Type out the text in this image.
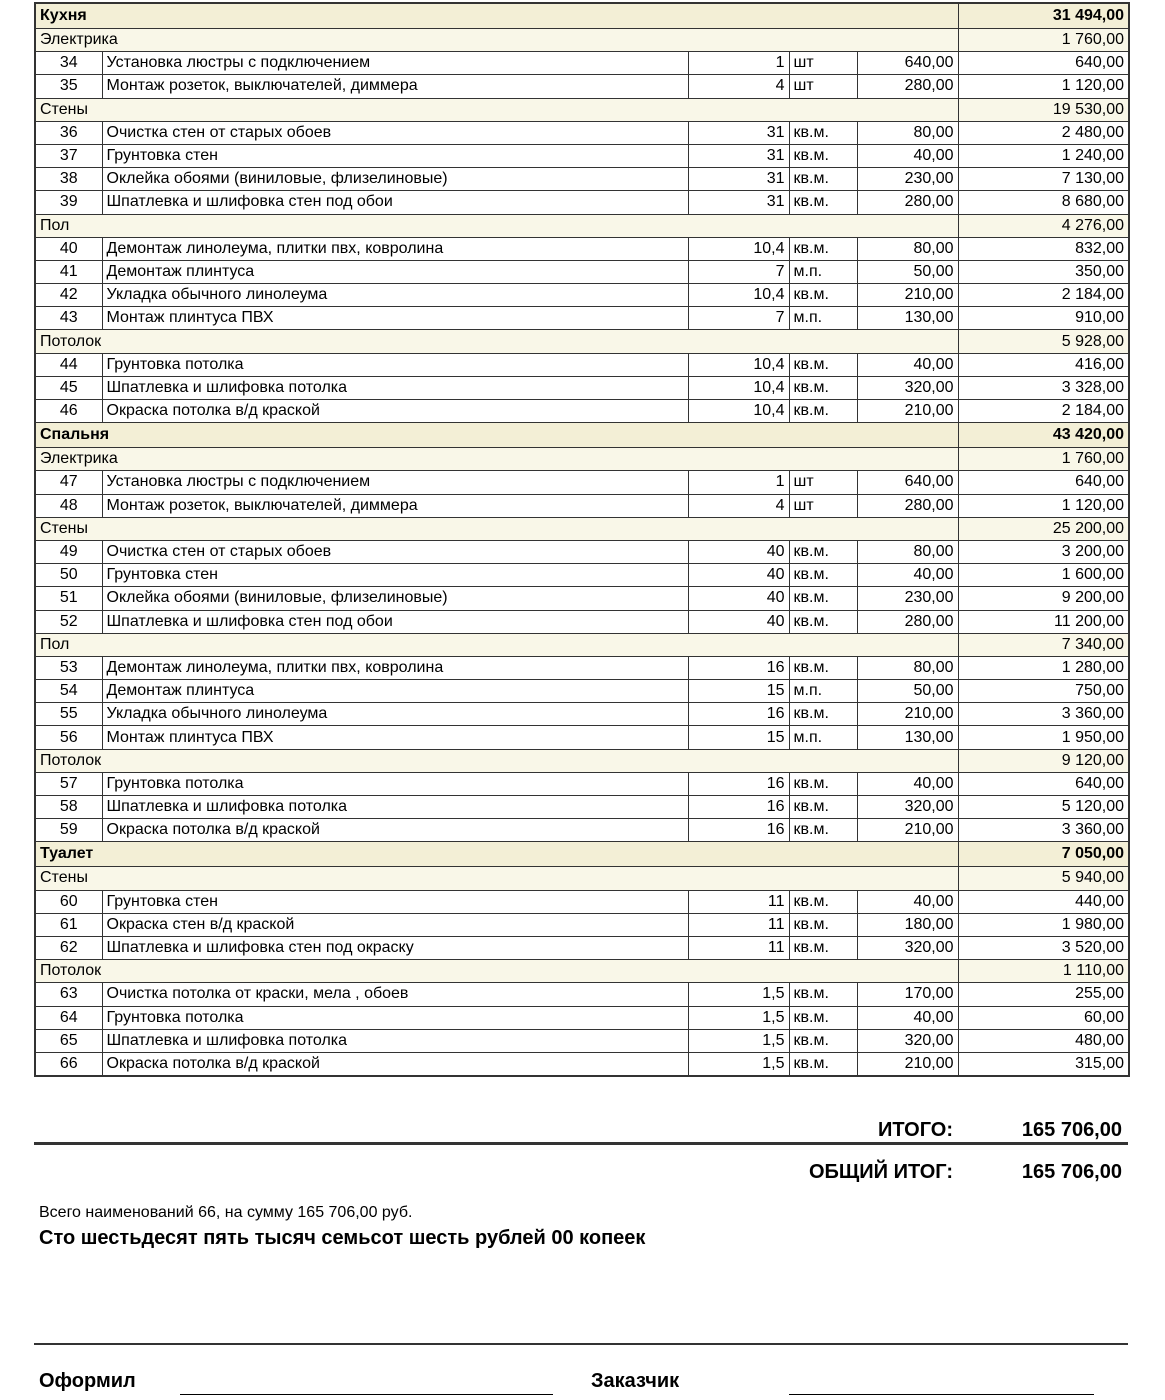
Кухня					31 494,00
Электрика					1 760,00
34	Установка люстры с подключением	1	шт	640,00	640,00
35	Монтаж розеток, выключателей, диммера	4	шт	280,00	1 120,00
Стены					19 530,00
36	Очистка стен от старых обоев	31	кв.м.	80,00	2 480,00
37	Грунтовка стен	31	кв.м.	40,00	1 240,00
38	Оклейка обоями (виниловые, флизелиновые)	31	кв.м.	230,00	7 130,00
39	Шпатлевка и шлифовка стен под обои	31	кв.м.	280,00	8 680,00
Пол					4 276,00
40	Демонтаж линолеума, плитки пвх, ковролина	10,4	кв.м.	80,00	832,00
41	Демонтаж плинтуса	7	м.п.	50,00	350,00
42	Укладка обычного линолеума	10,4	кв.м.	210,00	2 184,00
43	Монтаж плинтуса ПВХ	7	м.п.	130,00	910,00
Потолок					5 928,00
44	Грунтовка потолка	10,4	кв.м.	40,00	416,00
45	Шпатлевка и шлифовка потолка	10,4	кв.м.	320,00	3 328,00
46	Окраска потолка в/д краской	10,4	кв.м.	210,00	2 184,00
Спальня					43 420,00
Электрика					1 760,00
47	Установка люстры с подключением	1	шт	640,00	640,00
48	Монтаж розеток, выключателей, диммера	4	шт	280,00	1 120,00
Стены					25 200,00
49	Очистка стен от старых обоев	40	кв.м.	80,00	3 200,00
50	Грунтовка стен	40	кв.м.	40,00	1 600,00
51	Оклейка обоями (виниловые, флизелиновые)	40	кв.м.	230,00	9 200,00
52	Шпатлевка и шлифовка стен под обои	40	кв.м.	280,00	11 200,00
Пол					7 340,00
53	Демонтаж линолеума, плитки пвх, ковролина	16	кв.м.	80,00	1 280,00
54	Демонтаж плинтуса	15	м.п.	50,00	750,00
55	Укладка обычного линолеума	16	кв.м.	210,00	3 360,00
56	Монтаж плинтуса ПВХ	15	м.п.	130,00	1 950,00
Потолок					9 120,00
57	Грунтовка потолка	16	кв.м.	40,00	640,00
58	Шпатлевка и шлифовка потолка	16	кв.м.	320,00	5 120,00
59	Окраска потолка в/д краской	16	кв.м.	210,00	3 360,00
Туалет					7 050,00
Стены					5 940,00
60	Грунтовка стен	11	кв.м.	40,00	440,00
61	Окраска стен в/д краской	11	кв.м.	180,00	1 980,00
62	Шпатлевка и шлифовка стен под окраску	11	кв.м.	320,00	3 520,00
Потолок					1 110,00
63	Очистка потолка от краски, мела , обоев	1,5	кв.м.	170,00	255,00
64	Грунтовка потолка	1,5	кв.м.	40,00	60,00
65	Шпатлевка и шлифовка потолка	1,5	кв.м.	320,00	480,00
66	Окраска потолка в/д краской	1,5	кв.м.	210,00	315,00
ИТОГО:	165 706,00
ОБЩИЙ ИТОГ:	165 706,00
Всего наименований 66, на сумму 165 706,00 руб.
Сто шестьдесят пять тысяч семьсот шесть рублей 00 копеек
Оформил	Заказчик
